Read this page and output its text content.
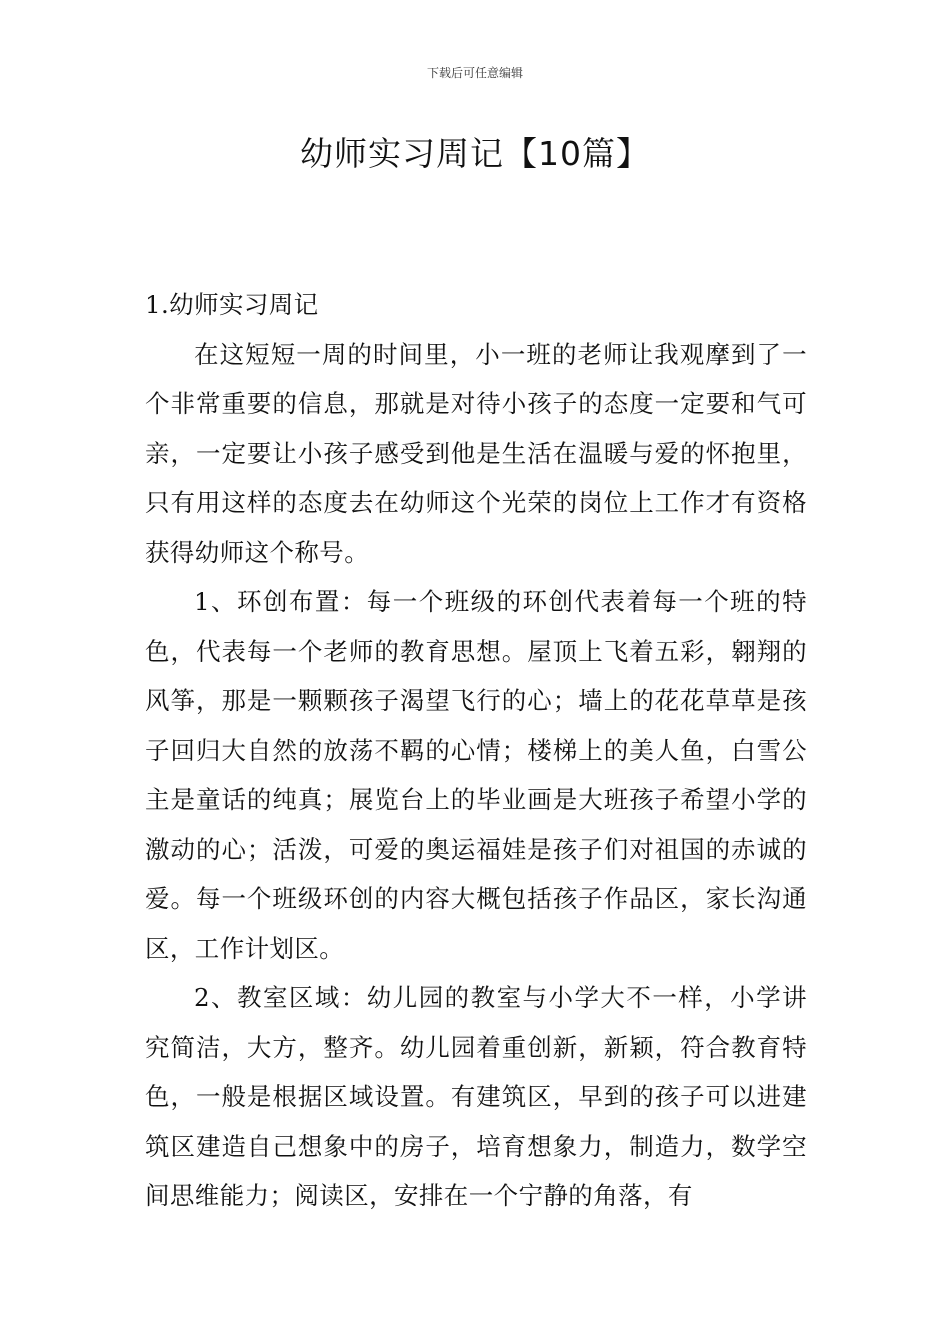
下载后可任意编辑
幼师实习周记【10篇】
1.幼师实习周记

在这短短一周的时间里，小一班的老师让我观摩到了一个非常重要的信息，那就是对待小孩子的态度一定要和气可亲，一定要让小孩子感受到他是生活在温暖与爱的怀抱里，只有用这样的态度去在幼师这个光荣的岗位上工作才有资格获得幼师这个称号。

1、环创布置：每一个班级的环创代表着每一个班的特色，代表每一个老师的教育思想。屋顶上飞着五彩，翱翔的风筝，那是一颗颗孩子渴望飞行的心；墙上的花花草草是孩子回归大自然的放荡不羁的心情；楼梯上的美人鱼，白雪公主是童话的纯真；展览台上的毕业画是大班孩子希望小学的激动的心；活泼，可爱的奥运福娃是孩子们对祖国的赤诚的爱。每一个班级环创的内容大概包括孩子作品区，家长沟通区，工作计划区。

2、教室区域：幼儿园的教室与小学大不一样，小学讲究简洁，大方，整齐。幼儿园着重创新，新颖，符合教育特色，一般是根据区域设置。有建筑区，早到的孩子可以进建筑区建造自己想象中的房子，培育想象力，制造力，数学空间思维能力；阅读区，安排在一个宁静的角落，有
